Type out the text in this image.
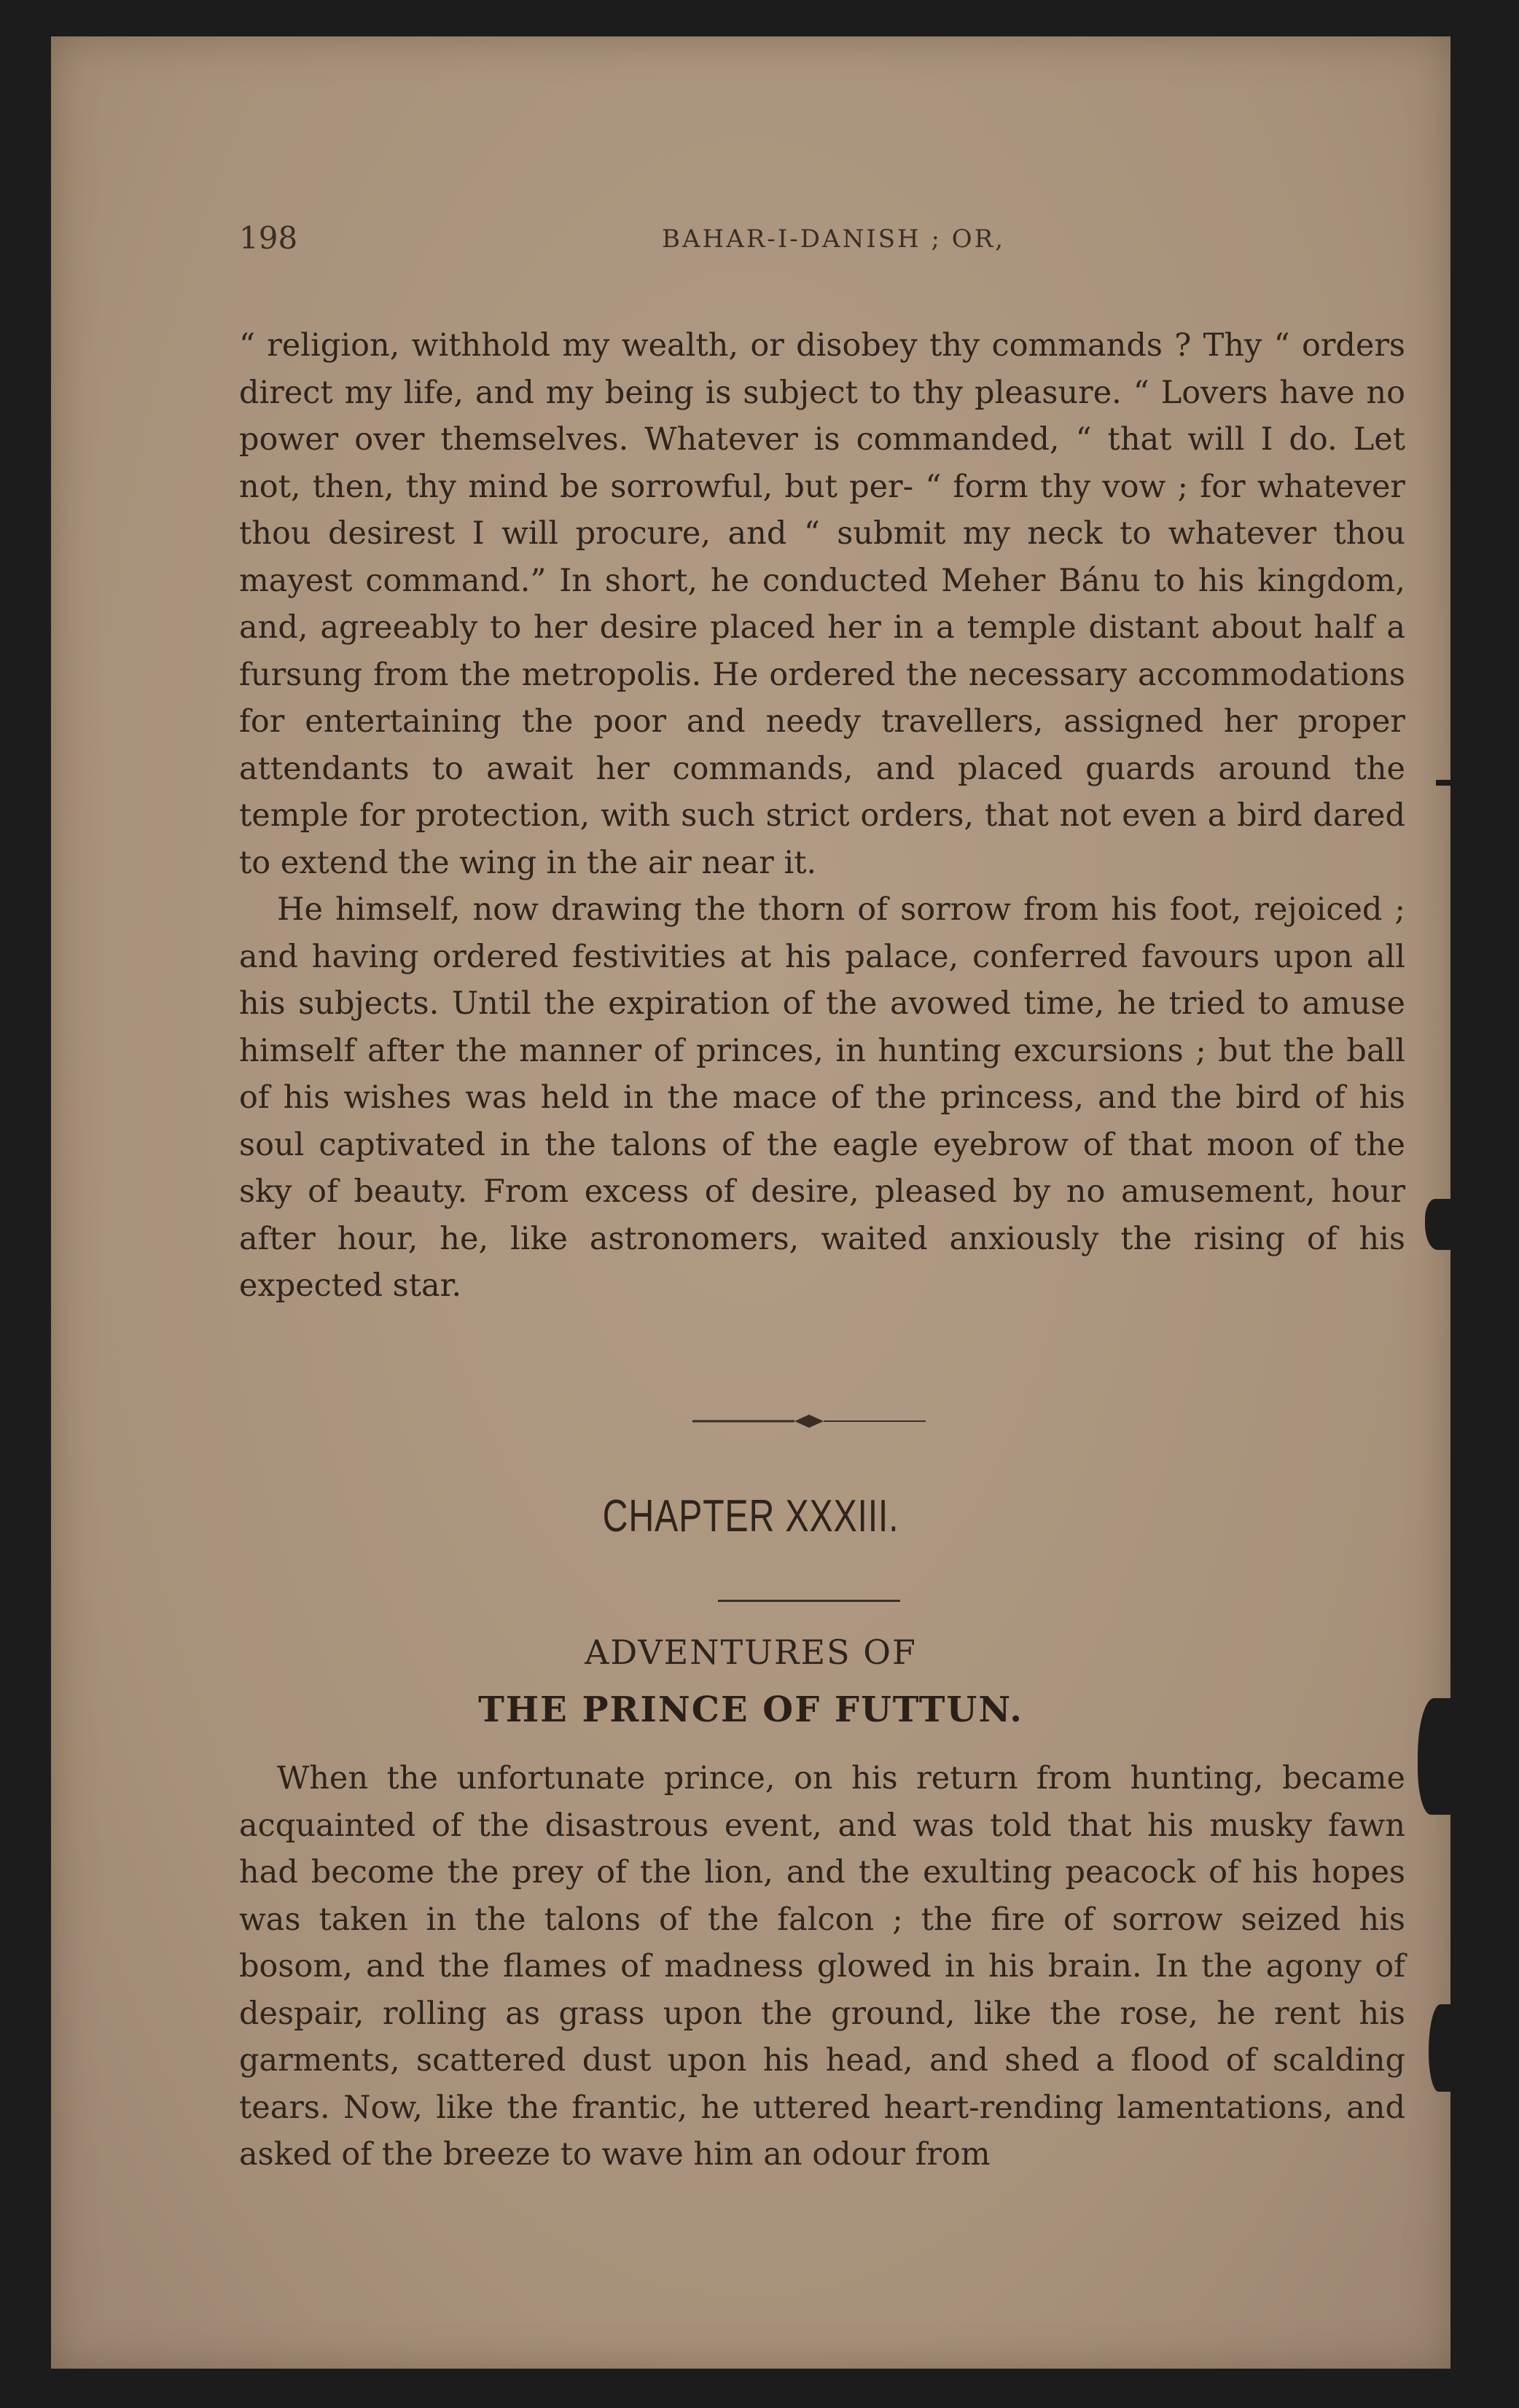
198	BAHAR-I-DANISH ; OR,

“ religion, withhold my wealth, or disobey thy commands ? Thy “ orders direct my life, and my being is subject to thy pleasure. “ Lovers have no power over themselves. Whatever is commanded, “ that will I do. Let not, then, thy mind be sorrowful, but per- “ form thy vow ; for whatever thou desirest I will procure, and “ submit my neck to whatever thou mayest command.” In short, he conducted Meher Bánu to his kingdom, and, agreeably to her desire placed her in a temple distant about half a fursung from the metropolis. He ordered the necessary accommodations for entertaining the poor and needy travellers, assigned her proper attendants to await her commands, and placed guards around the temple for protection, with such strict orders, that not even a bird dared to extend the wing in the air near it.

He himself, now drawing the thorn of sorrow from his foot, rejoiced ; and having ordered festivities at his palace, conferred favours upon all his subjects. Until the expiration of the avowed time, he tried to amuse himself after the manner of princes, in hunting excursions ; but the ball of his wishes was held in the mace of the princess, and the bird of his soul captivated in the talons of the eagle eyebrow of that moon of the sky of beauty. From excess of desire, pleased by no amusement, hour after hour, he, like astronomers, waited anxiously the rising of his expected star.

CHAPTER XXXIII.
ADVENTURES OF
THE PRINCE OF FUTTUN.

When the unfortunate prince, on his return from hunting, became acquainted of the disastrous event, and was told that his musky fawn had become the prey of the lion, and the exulting peacock of his hopes was taken in the talons of the falcon ; the fire of sorrow seized his bosom, and the flames of madness glowed in his brain. In the agony of despair, rolling as grass upon the ground, like the rose, he rent his garments, scattered dust upon his head, and shed a flood of scalding tears. Now, like the frantic, he uttered heart-rending lamentations, and asked of the breeze to wave him an odour from
